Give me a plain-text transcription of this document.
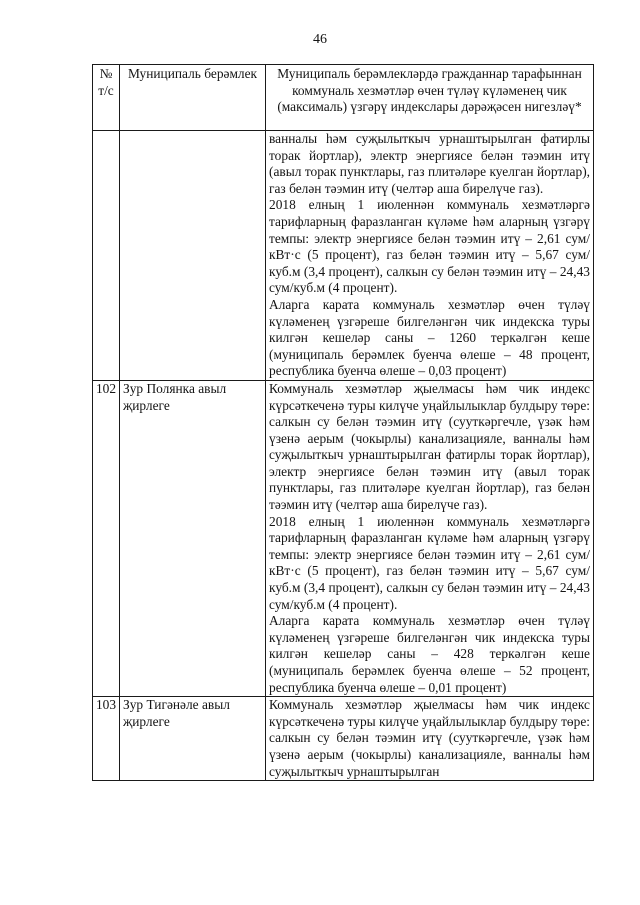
46
№ т/с	Муниципаль берәмлек	Муниципаль берәмлекләрдә гражданнар тарафыннан коммуналь хезмәтләр өчен түләү күләменең чик (максималь) үзгәрү индекслары дәрәҗәсен нигезләү*

		ванналы һәм суҗылыткыч урнаштырылган фатирлы торак йортлар), электр энергиясе белән тәэмин итү (авыл торак пунктлары, газ плитәләре куелган йортлар), газ белән тәэмин итү (челтәр аша бирелүче газ).

2018 елның 1 июленнән коммуналь хезмәтләргә тарифларның фаразланган күләме һәм аларның үзгәрү темпы: электр энергиясе белән тәэмин итү – 2,61 сум/кВт·с (5 процент), газ белән тәэмин итү – 5,67 сум/куб.м (3,4 процент), салкын су белән тәэмин итү – 24,43 сум/куб.м (4 процент).

Аларга карата коммуналь хезмәтләр өчен түләү күләменең үзгәреше билгеләнгән чик индекска туры килгән кешеләр саны – 1260 теркәлгән кеше (муниципаль берәмлек буенча өлеше – 48 процент, республика буенча өлеше – 0,03 процент)

102	Зур Полянка авыл җирлеге	Коммуналь хезмәтләр җыелмасы һәм чик индекс күрсәткеченә туры килүче уңайлылыклар булдыру төре: салкын су белән тәэмин итү (сууткәргечле, үзәк һәм үзенә аерым (чокырлы) канализацияле, ванналы һәм суҗылыткыч урнаштырылган фатирлы торак йортлар), электр энергиясе белән тәэмин итү (авыл торак пунктлары, газ плитәләре куелган йортлар), газ белән тәэмин итү (челтәр аша бирелүче газ).

2018 елның 1 июленнән коммуналь хезмәтләргә тарифларның фаразланган күләме һәм аларның үзгәрү темпы: электр энергиясе белән тәэмин итү – 2,61 сум/кВт·с (5 процент), газ белән тәэмин итү – 5,67 сум/куб.м (3,4 процент), салкын су белән тәэмин итү – 24,43 сум/куб.м (4 процент).

Аларга карата коммуналь хезмәтләр өчен түләү күләменең үзгәреше билгеләнгән чик индекска туры килгән кешеләр саны – 428 теркәлгән кеше (муниципаль берәмлек буенча өлеше – 52 процент, республика буенча өлеше – 0,01 процент)

103	Зур Тигәнәле авыл җирлеге	Коммуналь хезмәтләр җыелмасы һәм чик индекс күрсәткеченә туры килүче уңайлылыклар булдыру төре: салкын су белән тәэмин итү (сууткәргечле, үзәк һәм үзенә аерым (чокырлы) канализацияле, ванналы һәм суҗылыткыч урнаштырылган
